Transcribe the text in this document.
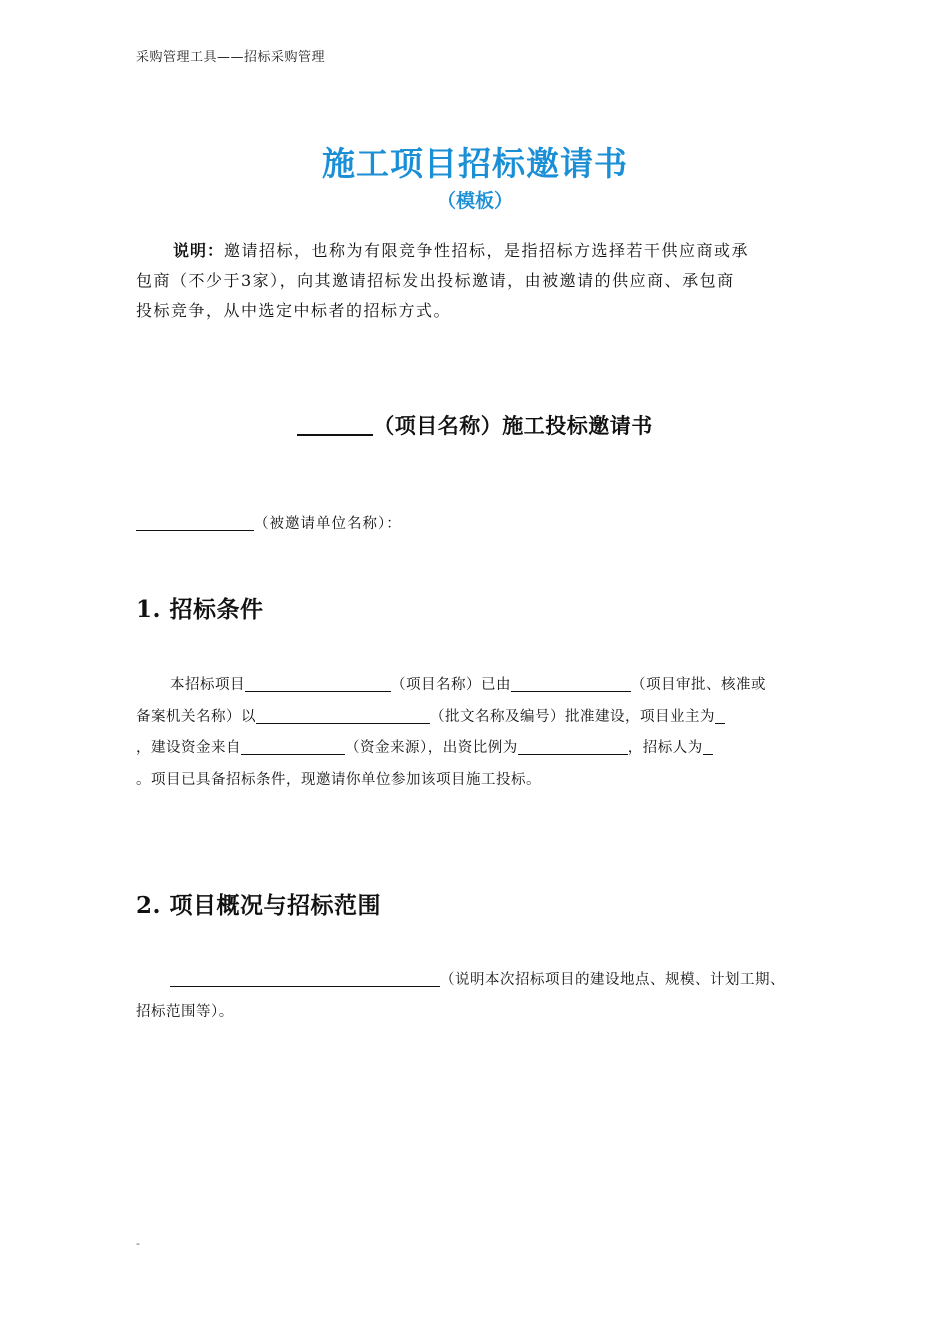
采购管理工具——招标采购管理
施工项目招标邀请书
（模板）
说明：邀请招标，也称为有限竞争性招标，是指招标方选择若干供应商或承
包商（不少于3家），向其邀请招标发出投标邀请，由被邀请的供应商、承包商
投标竞争，从中选定中标者的招标方式。
（项目名称）施工投标邀请书
（被邀请单位名称）：
1. 招标条件
本招标项目	（项目名称）已由	（项目审批、核准或
备案机关名称）以	（批文名称及编号）批准建设，项目业主为
，建设资金来自	（资金来源），出资比例为	，招标人为
。项目已具备招标条件，现邀请你单位参加该项目施工投标。
2. 项目概况与招标范围
（说明本次招标项目的建设地点、规模、计划工期、
招标范围等）。
-
